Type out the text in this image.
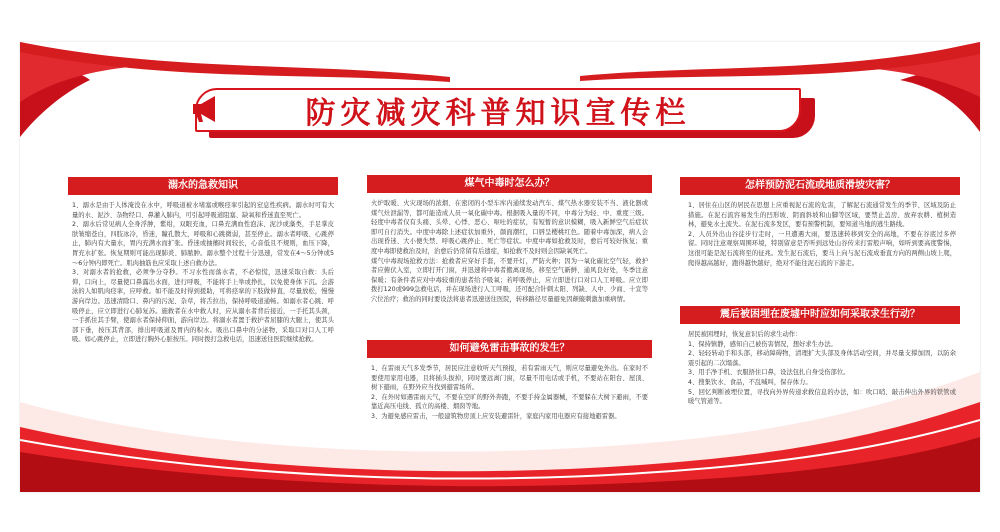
防灾减灾科普知识宣传栏
溺水的急救知识

1、溺水是由于人体淹没在水中，呼吸道被水堵塞或喉痉挛引起的窒息性疾病。溺水时可有大量的水、泥沙、杂物经口、鼻灌入肺内，可引起呼吸道阻塞、缺氧和昏迷直至死亡。

2、溺水后常见病人全身浮肿，紫绀，双眼充血，口鼻充满血性泡沫、泥沙或藻类，手足掌皮肤皱缩苍白，四肢冰冷，昏迷，瞳孔散大，呼吸和心跳微弱，甚至停止。溺水者呼吸、心跳停止，肺内有大量水，胃内充满水而扩张。昏迷或抽搐时间较长，心音低且不规则，血压下降，胃充水扩张。恢复期则可能出现肺炎、肺脓肿。溺水整个过程十分迅速，常发在4～5分钟或5～6分钟内即死亡。肌肉抽筋也应采取上述自救办法。

3、对溺水者的抢救，必须争分夺秒。不习水性而落水者，不必惊慌，迅速采取自救：头后仰，口向上，尽量使口鼻露出水面，进行呼吸，不能将手上举或挣扎，以免使身体下沉。会游泳的人如肌肉痉挛，应呼救。如不能及时得到援助，可将痉挛的下肢做伸直，尽量放松，慢慢游向岸边。迅速清除口、鼻内的污泥、杂草，将舌拉出，保持呼吸道通畅。如溺水者心跳、呼吸停止，应立即进行心肺复苏。施救者在水中救人时，应从溺水者背后接近，一手托其头颈，一手抓住其手臂，使溺水者保持仰面，游向岸边。将溺水者置于救护者屈膝的大腿上，使其头部下垂，按压其背部，排出呼吸道及胃内的积水。吸出口鼻中的分泌物，采取口对口人工呼吸。如心跳停止，立即进行胸外心脏按压。同时拨打急救电话，迅速送往医院继续抢救。

煤气中毒时怎么办？

火炉取暖、火灾现场的浓烟、在密闭的小型车库内通续发动汽车、煤气热水器安装不当、液化器或煤气灶泄漏等，都可能造成人员一氧化碳中毒。根据吸入量的不同，中毒分为轻、中、重度三级。轻度中毒者仅有头痛、头晕、心悸、恶心、呕吐的症状，有短暂的意识模糊，吸入新鲜空气后症状即可自行消失。中度中毒除上述症状加重外，颜面潮红，口唇呈樱桃红色。随着中毒加深，病人会出现昏迷、大小便失禁、呼吸心跳停止、死亡等症状。中度中毒如抢救及时，愈后可较好恢复；重度中毒即使救治及时，治愈后仍常留有后遗症，如抢救不及时则会因缺氧死亡。

煤气中毒现场抢救方法：抢救者应穿好手套，不要开灯，严防火种；因为一氧化碳比空气轻，救护者应俯伏入室，立即打开门窗，并迅速将中毒者搬离现场，移至空气新鲜、通风良好处，冬季注意保暖；有条件者应对中毒较重的患者给予吸氧；若呼吸停止，应立即进行口对口人工呼吸。应立即拨打120或999急救电话，并在现场进行人工呼吸，还可配合针刺太阳、列缺、人中、少商、十宣等穴位治疗；救治的同时要设法将患者迅速送往医院，转移路径尽量避免因颠簸刺激加重病情。

如何避免雷击事故的发生？

1、在雷雨天气多发季节，居民应注意收听天气预报，若有雷雨天气，则应尽量避免外出。在家时不要使用家用电器，且将插头拔掉，同时要远离门窗，尽量不用电话或手机，不要站在阳台、屋顶、树下避雨，在野外应当找到避雷场所。

2、在外时如遇雷雨天气，不要在空旷的野外奔跑，不要手持金属器械，不要躲在大树下避雨，不要靠近高压电线、孤立的高楼、烟囱等地。

3、为避免感应雷击，一般建筑物房顶上应安装避雷针，家庭内家用电器应有接地避雷器。

怎样预防泥石流或地质滑坡灾害？

1、居住在山区的居民在思想上应重视泥石流的危害，了解泥石流通常发生的季节、区域及防止措施。在泥石流容易发生的凹形坡、阴面斜坡和山脚等区域，要禁止盖房、放弃农耕、植树造林，避免水土流失。在泥石流多发区，要有预警机制，要知道当地的逃生路线。

2、人员外出山谷徒步行走时，一旦遭遇大雨，要迅速转移到安全的高地，不要在谷底过多停留。同时注意观察周围环境，特别留意是否听到远处山谷传来打雷般声响，如听到要高度警惕，这很可能是泥石流将至的征兆。发生泥石流后，要马上向与泥石流成垂直方向的两侧山坡上爬，爬得越高越好，跑得越快越好，绝对不能往泥石流的下游走。

震后被困埋在废墟中时应如何采取求生行动？

居民被困埋时，恢复意识后的求生动作：

1、保持镇静，感知自己被伤害情况，想好求生办法。

2、轻轻转动手和头部，移动障碍物，清理扩大头部及身体活动空间，并尽量支撑加固，以防余震引起的二次塌落。

3、用手净手机、衣服捂住口鼻，设法包扎自身受伤部位。

4、搜集饮水、食品，不乱喊叫，保存体力。

5、回忆判断被埋位置，寻找向外界传递求救信息的办法，如：吹口哨、敲击伸出外界的铁管或暖气管道等。
